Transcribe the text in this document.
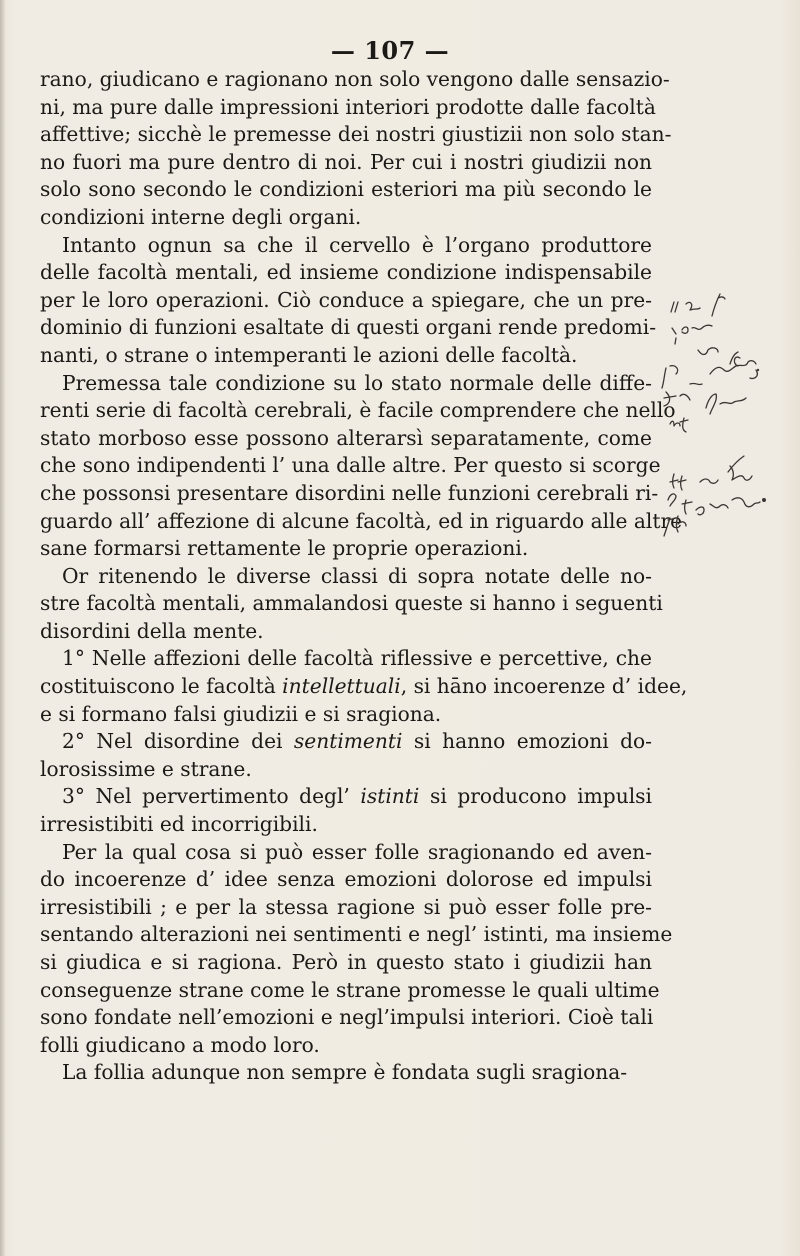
— 107 —
rano, giudicano e ragionano non solo vengono dalle sensazio-
ni, ma pure dalle impressioni interiori prodotte dalle facoltà
affettive; sicchè le premesse dei nostri giustizii non solo stan-
no fuori ma pure dentro di noi. Per cui i nostri giudizii non
solo sono secondo le condizioni esteriori ma più secondo le
condizioni interne degli organi.
Intanto ognun sa che il cervello è l’organo produttore
delle facoltà mentali, ed insieme condizione indispensabile
per le loro operazioni. Ciò conduce a spiegare, che un pre-
dominio di funzioni esaltate di questi organi rende predomi-
nanti, o strane o intemperanti le azioni delle facoltà.
Premessa tale condizione su lo stato normale delle diffe-
renti serie di facoltà cerebrali, è facile comprendere che nello
stato morboso esse possono alterarsì separatamente, come
che sono indipendenti l’ una dalle altre. Per questo si scorge
che possonsi presentare disordini nelle funzioni cerebrali ri-
guardo all’ affezione di alcune facoltà, ed in riguardo alle altre
sane formarsi rettamente le proprie operazioni.
Or ritenendo le diverse classi di sopra notate delle no-
stre facoltà mentali, ammalandosi queste si hanno i seguenti
disordini della mente.
1° Nelle affezioni delle facoltà riflessive e percettive, che
costituiscono le facoltà intellettuali, si hāno incoerenze d’ idee,
e si formano falsi giudizii e si sragiona.
2° Nel disordine dei sentimenti si hanno emozioni do-
lorosissime e strane.
3° Nel pervertimento degl’ istinti si producono impulsi
irresistibiti ed incorrigibili.
Per la qual cosa si può esser folle sragionando ed aven-
do incoerenze d’ idee senza emozioni dolorose ed impulsi
irresistibili ; e per la stessa ragione si può esser folle pre-
sentando alterazioni nei sentimenti e negl’ istinti, ma insieme
si giudica e si ragiona. Però in questo stato i giudizii han
conseguenze strane come le strane promesse le quali ultime
sono fondate nell’emozioni e negl’impulsi interiori. Cioè tali
folli giudicano a modo loro.
La follia adunque non sempre è fondata sugli sragiona-
